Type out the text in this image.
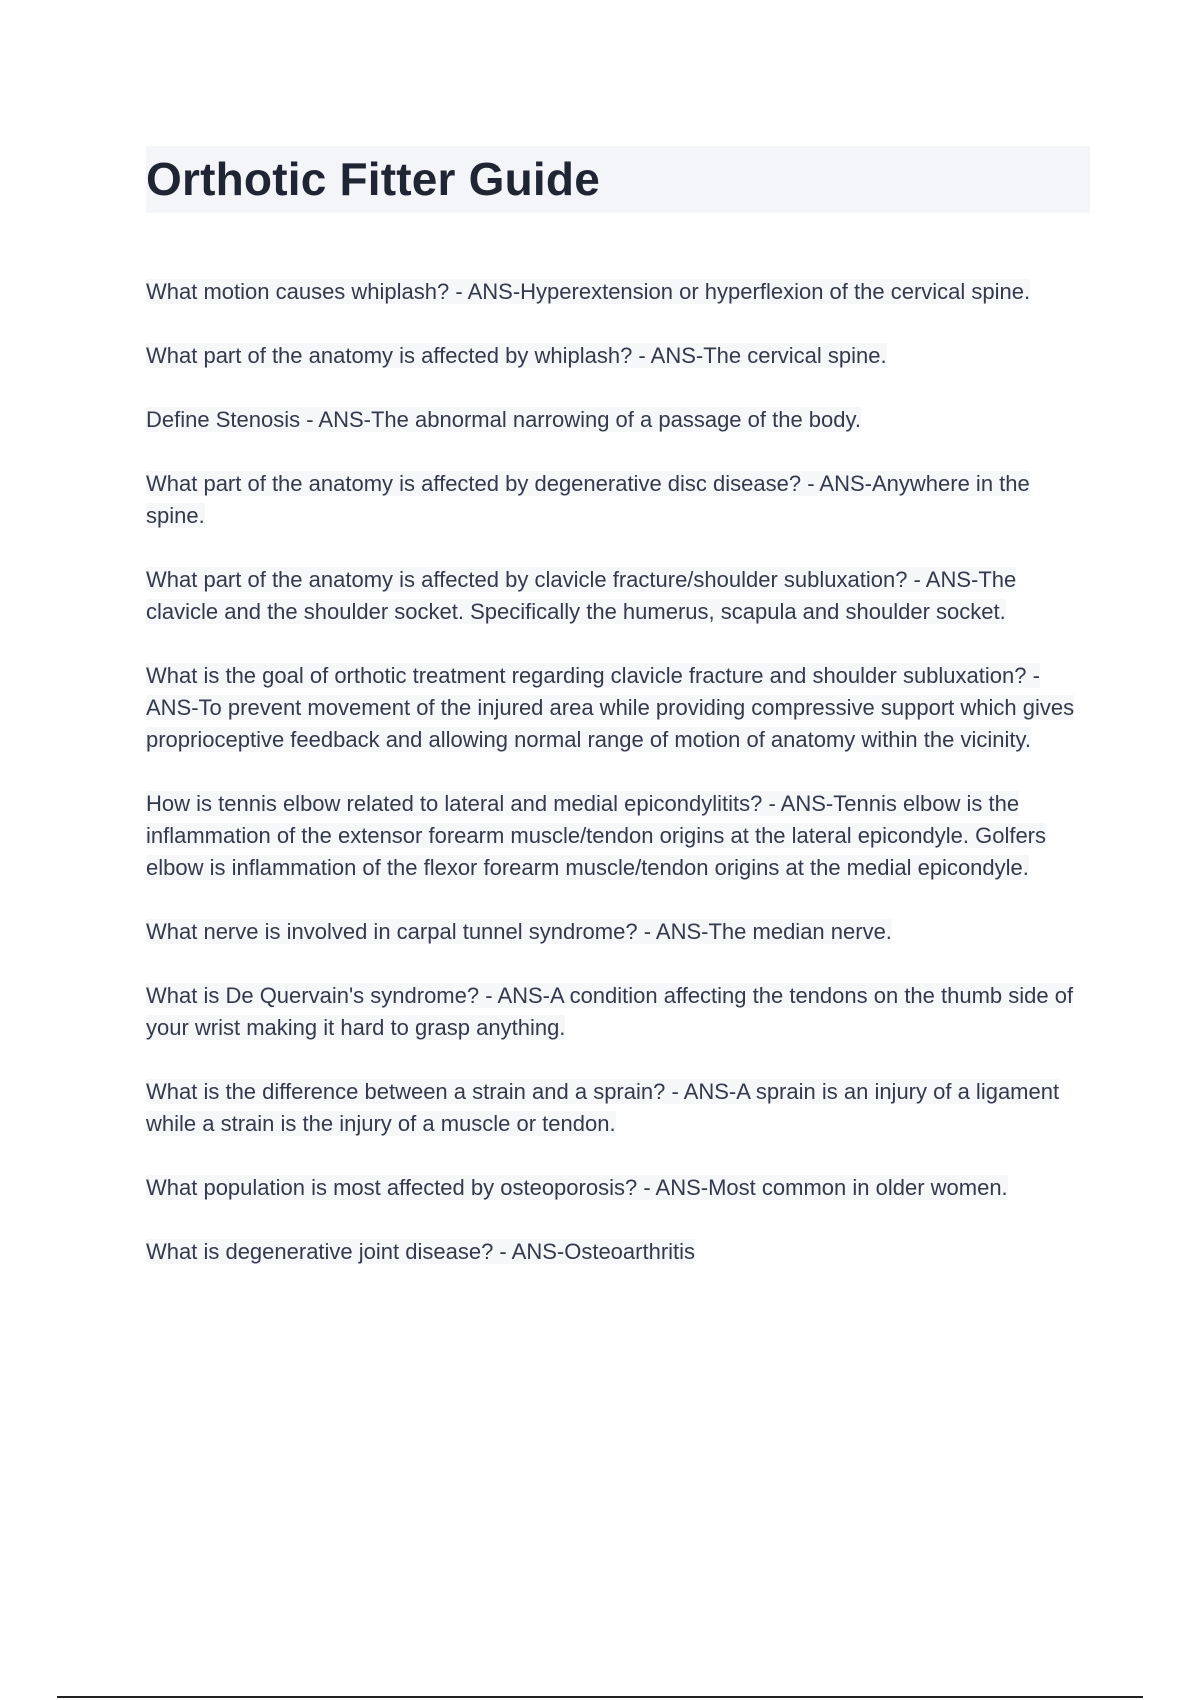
Orthotic Fitter Guide

What motion causes whiplash? - ANS-Hyperextension or hyperflexion of the cervical spine.

What part of the anatomy is affected by whiplash? - ANS-The cervical spine.

Define Stenosis - ANS-The abnormal narrowing of a passage of the body.

What part of the anatomy is affected by degenerative disc disease? - ANS-Anywhere in the spine.

What part of the anatomy is affected by clavicle fracture/shoulder subluxation? - ANS-The clavicle and the shoulder socket. Specifically the humerus, scapula and shoulder socket.

What is the goal of orthotic treatment regarding clavicle fracture and shoulder subluxation? - ANS-To prevent movement of the injured area while providing compressive support which gives proprioceptive feedback and allowing normal range of motion of anatomy within the vicinity.

How is tennis elbow related to lateral and medial epicondylitits? - ANS-Tennis elbow is the inflammation of the extensor forearm muscle/tendon origins at the lateral epicondyle. Golfers elbow is inflammation of the flexor forearm muscle/tendon origins at the medial epicondyle.

What nerve is involved in carpal tunnel syndrome? - ANS-The median nerve.

What is De Quervain's syndrome? - ANS-A condition affecting the tendons on the thumb side of your wrist making it hard to grasp anything.

What is the difference between a strain and a sprain? - ANS-A sprain is an injury of a ligament while a strain is the injury of a muscle or tendon.

What population is most affected by osteoporosis? - ANS-Most common in older women.

What is degenerative joint disease? - ANS-Osteoarthritis
